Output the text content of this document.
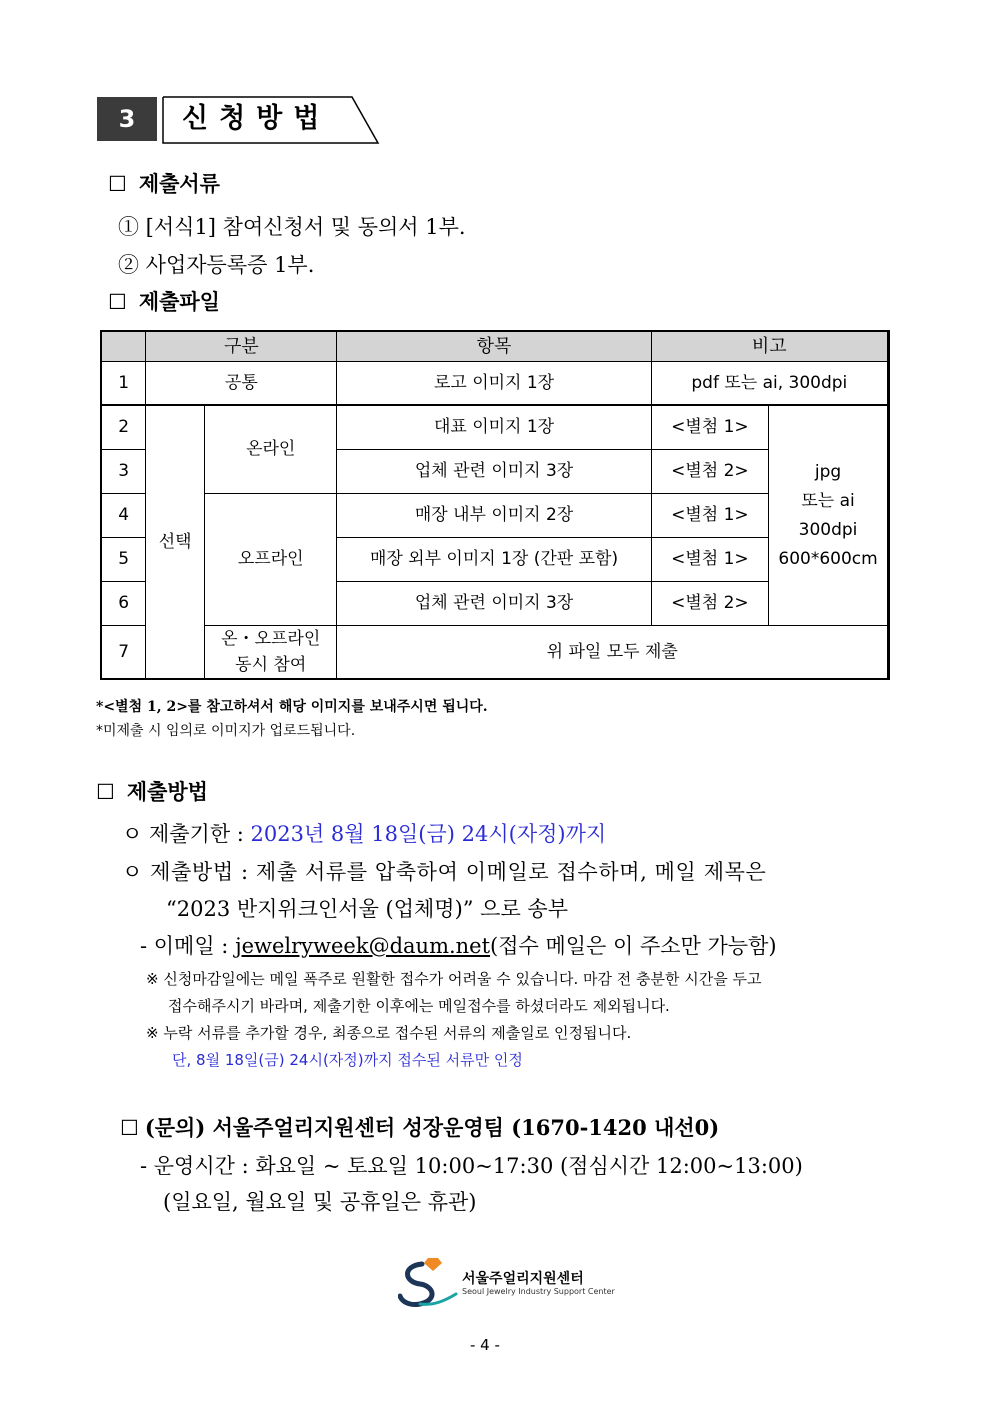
3	신청방법
☐ 제출서류
① [서식1] 참여신청서 및 동의서 1부.
② 사업자등록증 1부.
☐ 제출파일
	구분		항목	비고		
1	공통		로고 이미지 1장	pdf 또는 ai, 300dpi		
2	선택	온라인	대표 이미지 1장	<별첨 1>	jpg
또는 ai
300dpi
600*600cm	

3			업체 관련 이미지 3장	<별첨 2>		
4		오프라인	매장 내부 이미지 2장	<별첨 1>		
5			매장 외부 이미지 1장 (간판 포함)	<별첨 1>		
6			업체 관련 이미지 3장	<별첨 2>		
7		온・오프라인
동시 참여	위 파일 모두 제출			
*<별첨 1, 2>를 참고하셔서 해당 이미지를 보내주시면 됩니다.
*미제출 시 임의로 이미지가 업로드됩니다.
☐ 제출방법
ㅇ 제출기한 : 2023년 8월 18일(금) 24시(자정)까지
ㅇ 제출방법 : 제출 서류를 압축하여 이메일로 접수하며, 메일 제목은
“2023 반지위크인서울 (업체명)” 으로 송부
- 이메일 : jewelryweek@daum.net(접수 메일은 이 주소만 가능함)
※ 신청마감일에는 메일 폭주로 원활한 접수가 어려울 수 있습니다. 마감 전 충분한 시간을 두고
접수해주시기 바라며, 제출기한 이후에는 메일접수를 하셨더라도 제외됩니다.
※ 누락 서류를 추가할 경우, 최종으로 접수된 서류의 제출일로 인정됩니다.
단, 8월 18일(금) 24시(자정)까지 접수된 서류만 인정
☐ (문의) 서울주얼리지원센터 성장운영팀 (1670-1420 내선0)
- 운영시간 : 화요일 ~ 토요일 10:00~17:30 (점심시간 12:00~13:00)
(일요일, 월요일 및 공휴일은 휴관)
서울주얼리지원센터
Seoul Jewelry Industry Support Center
- 4 -
